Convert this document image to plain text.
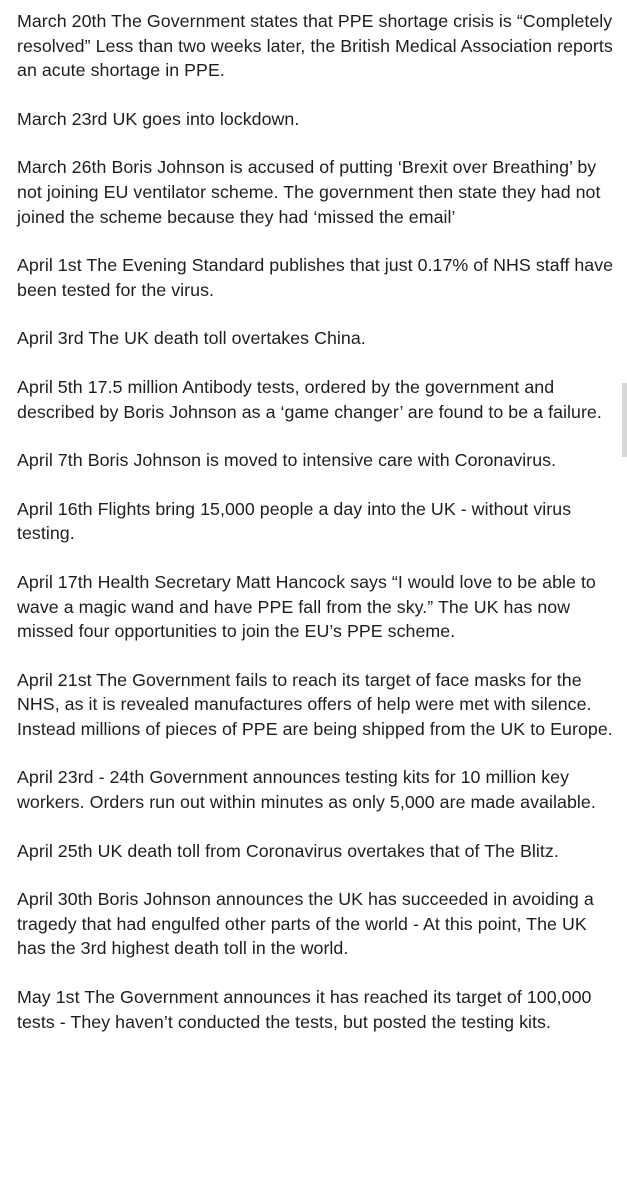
March 20th The Government states that PPE shortage crisis is “Completely resolved” Less than two weeks later, the British Medical Association reports an acute shortage in PPE.

March 23rd UK goes into lockdown.

March 26th Boris Johnson is accused of putting ‘Brexit over Breathing’ by not joining EU ventilator scheme. The government then state they had not joined the scheme because they had ‘missed the email’

April 1st The Evening Standard publishes that just 0.17% of NHS staff have been tested for the virus.

April 3rd The UK death toll overtakes China.

April 5th 17.5 million Antibody tests, ordered by the government and described by Boris Johnson as a ‘game changer’ are found to be a failure.

April 7th Boris Johnson is moved to intensive care with Coronavirus.

April 16th Flights bring 15,000 people a day into the UK - without virus testing.

April 17th Health Secretary Matt Hancock says “I would love to be able to wave a magic wand and have PPE fall from the sky.” The UK has now missed four opportunities to join the EU’s PPE scheme.

April 21st The Government fails to reach its target of face masks for the NHS, as it is revealed manufactures offers of help were met with silence. Instead millions of pieces of PPE are being shipped from the UK to Europe.

April 23rd - 24th Government announces testing kits for 10 million key workers. Orders run out within minutes as only 5,000 are made available.

April 25th UK death toll from Coronavirus overtakes that of The Blitz.

April 30th Boris Johnson announces the UK has succeeded in avoiding a tragedy that had engulfed other parts of the world - At this point, The UK has the 3rd highest death toll in the world.

May 1st The Government announces it has reached its target of 100,000 tests - They haven’t conducted the tests, but posted the testing kits.
